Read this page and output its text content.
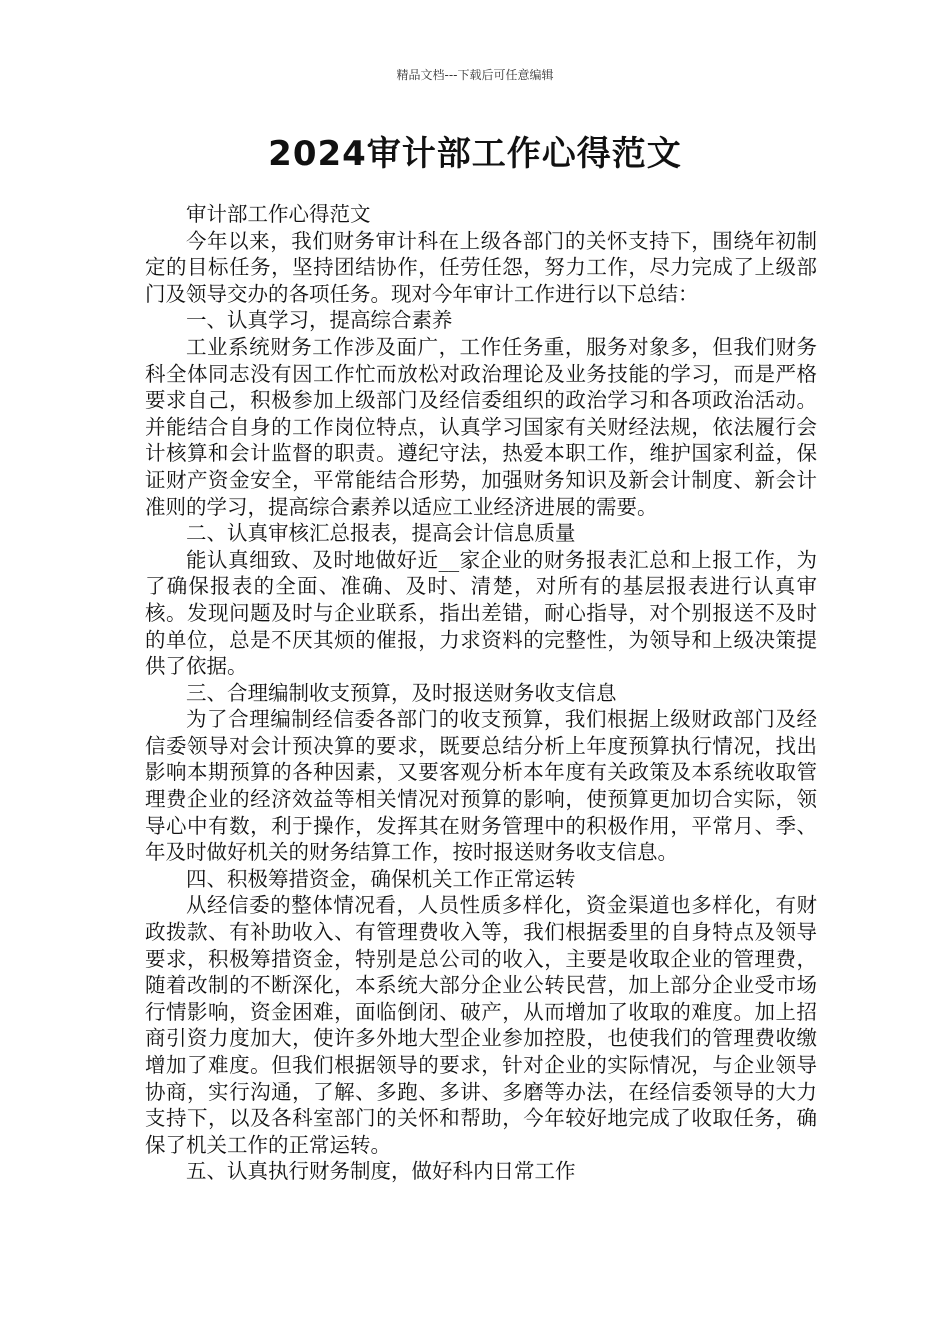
精品文档---下载后可任意编辑
2024审计部工作心得范文

审计部工作心得范文

今年以来，我们财务审计科在上级各部门的关怀支持下，围绕年初制定的目标任务，坚持团结协作，任劳任怨，努力工作，尽力完成了上级部门及领导交办的各项任务。现对今年审计工作进行以下总结：

一、认真学习，提高综合素养

工业系统财务工作涉及面广，工作任务重，服务对象多，但我们财务科全体同志没有因工作忙而放松对政治理论及业务技能的学习，而是严格要求自己，积极参加上级部门及经信委组织的政治学习和各项政治活动。并能结合自身的工作岗位特点，认真学习国家有关财经法规，依法履行会计核算和会计监督的职责。遵纪守法，热爱本职工作，维护国家利益，保证财产资金安全，平常能结合形势，加强财务知识及新会计制度、新会计准则的学习，提高综合素养以适应工业经济进展的需要。

二、认真审核汇总报表，提高会计信息质量

能认真细致、及时地做好近__家企业的财务报表汇总和上报工作，为了确保报表的全面、准确、及时、清楚，对所有的基层报表进行认真审核。发现问题及时与企业联系，指出差错，耐心指导，对个别报送不及时的单位，总是不厌其烦的催报，力求资料的完整性，为领导和上级决策提供了依据。

三、合理编制收支预算，及时报送财务收支信息

为了合理编制经信委各部门的收支预算，我们根据上级财政部门及经信委领导对会计预决算的要求，既要总结分析上年度预算执行情况，找出影响本期预算的各种因素，又要客观分析本年度有关政策及本系统收取管理费企业的经济效益等相关情况对预算的影响，使预算更加切合实际，领导心中有数，利于操作，发挥其在财务管理中的积极作用，平常月、季、年及时做好机关的财务结算工作，按时报送财务收支信息。

四、积极筹措资金，确保机关工作正常运转

从经信委的整体情况看，人员性质多样化，资金渠道也多样化，有财政拨款、有补助收入、有管理费收入等，我们根据委里的自身特点及领导要求，积极筹措资金，特别是总公司的收入，主要是收取企业的管理费，随着改制的不断深化，本系统大部分企业公转民营，加上部分企业受市场行情影响，资金困难，面临倒闭、破产，从而增加了收取的难度。加上招商引资力度加大，使许多外地大型企业参加控股，也使我们的管理费收缴增加了难度。但我们根据领导的要求，针对企业的实际情况，与企业领导协商，实行沟通，了解、多跑、多讲、多磨等办法，在经信委领导的大力支持下，以及各科室部门的关怀和帮助，今年较好地完成了收取任务，确保了机关工作的正常运转。

五、认真执行财务制度，做好科内日常工作
